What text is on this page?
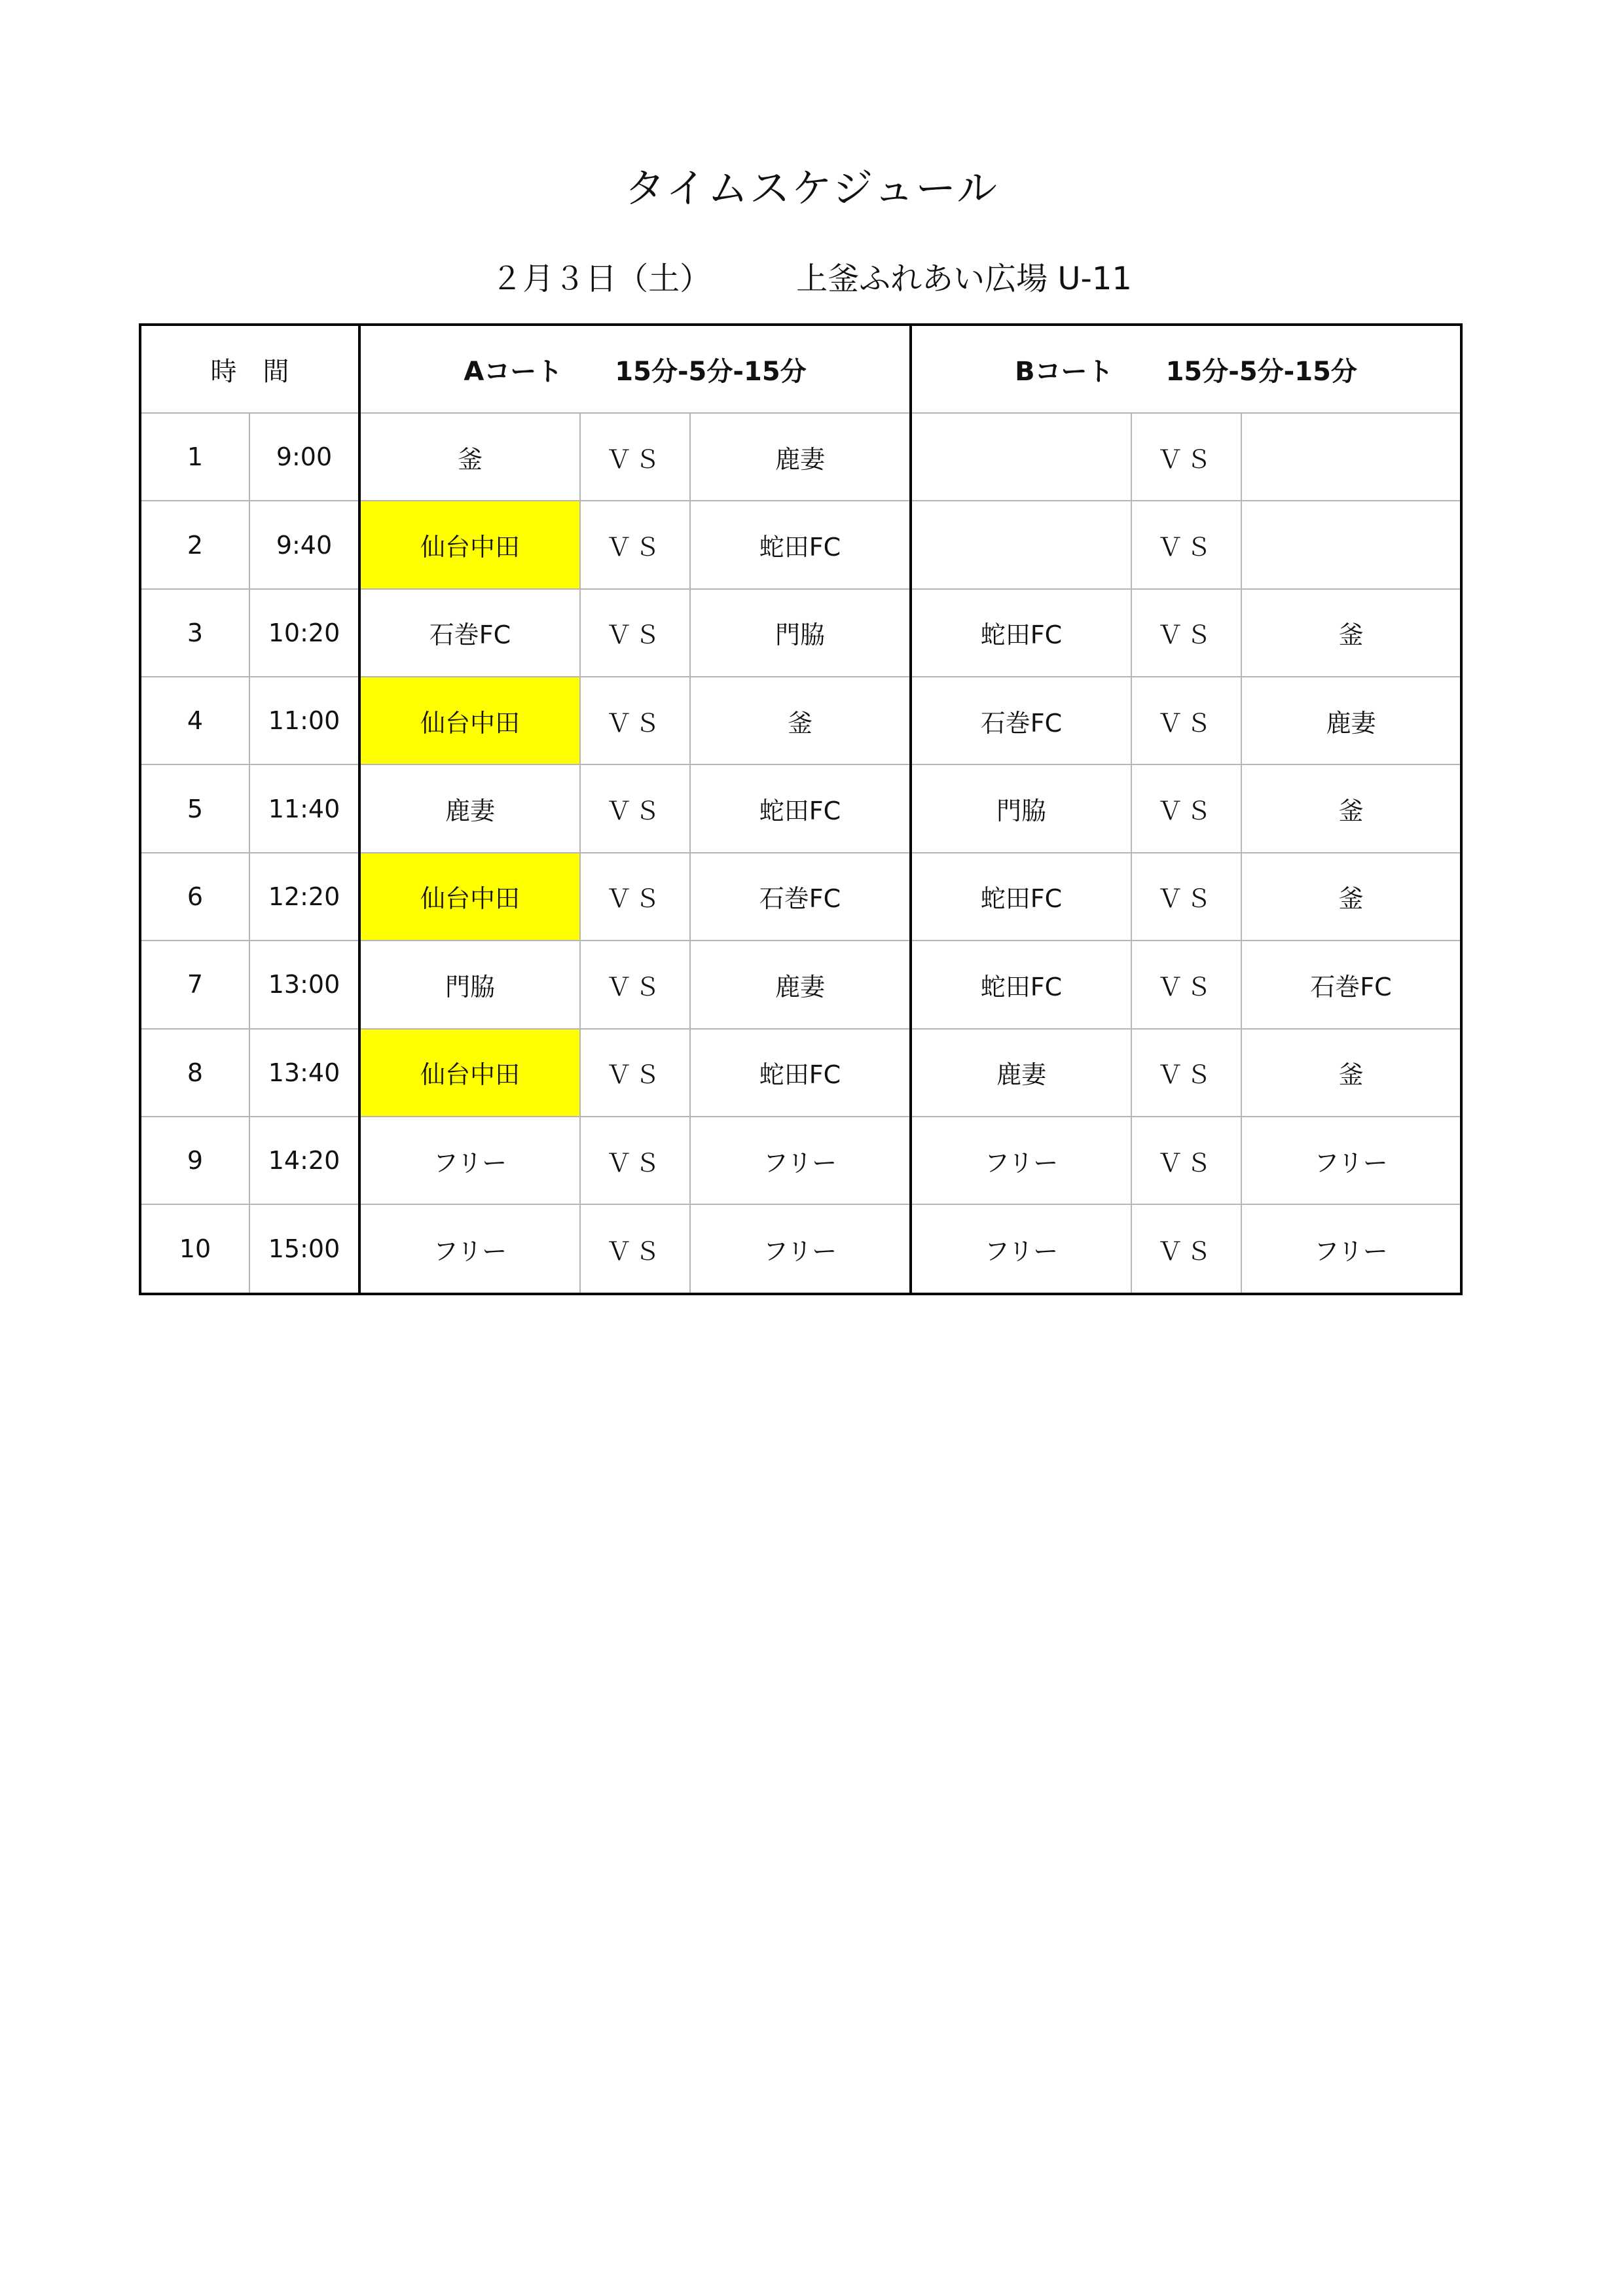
タイムスケジュール
２月３日（土）	上釜ふれあい広場 U-11
時　間		Aコート 15分-5分-15分			Bコート 15分-5分-15分		
1	9:00	釜	ＶＳ	鹿妻		ＶＳ	
2	9:40	仙台中田	ＶＳ	蛇田FC		ＶＳ	
3	10:20	石巻FC	ＶＳ	門脇	蛇田FC	ＶＳ	釜
4	11:00	仙台中田	ＶＳ	釜	石巻FC	ＶＳ	鹿妻
5	11:40	鹿妻	ＶＳ	蛇田FC	門脇	ＶＳ	釜
6	12:20	仙台中田	ＶＳ	石巻FC	蛇田FC	ＶＳ	釜
7	13:00	門脇	ＶＳ	鹿妻	蛇田FC	ＶＳ	石巻FC
8	13:40	仙台中田	ＶＳ	蛇田FC	鹿妻	ＶＳ	釜
9	14:20	フリー	ＶＳ	フリー	フリー	ＶＳ	フリー
10	15:00	フリー	ＶＳ	フリー	フリー	ＶＳ	フリー
